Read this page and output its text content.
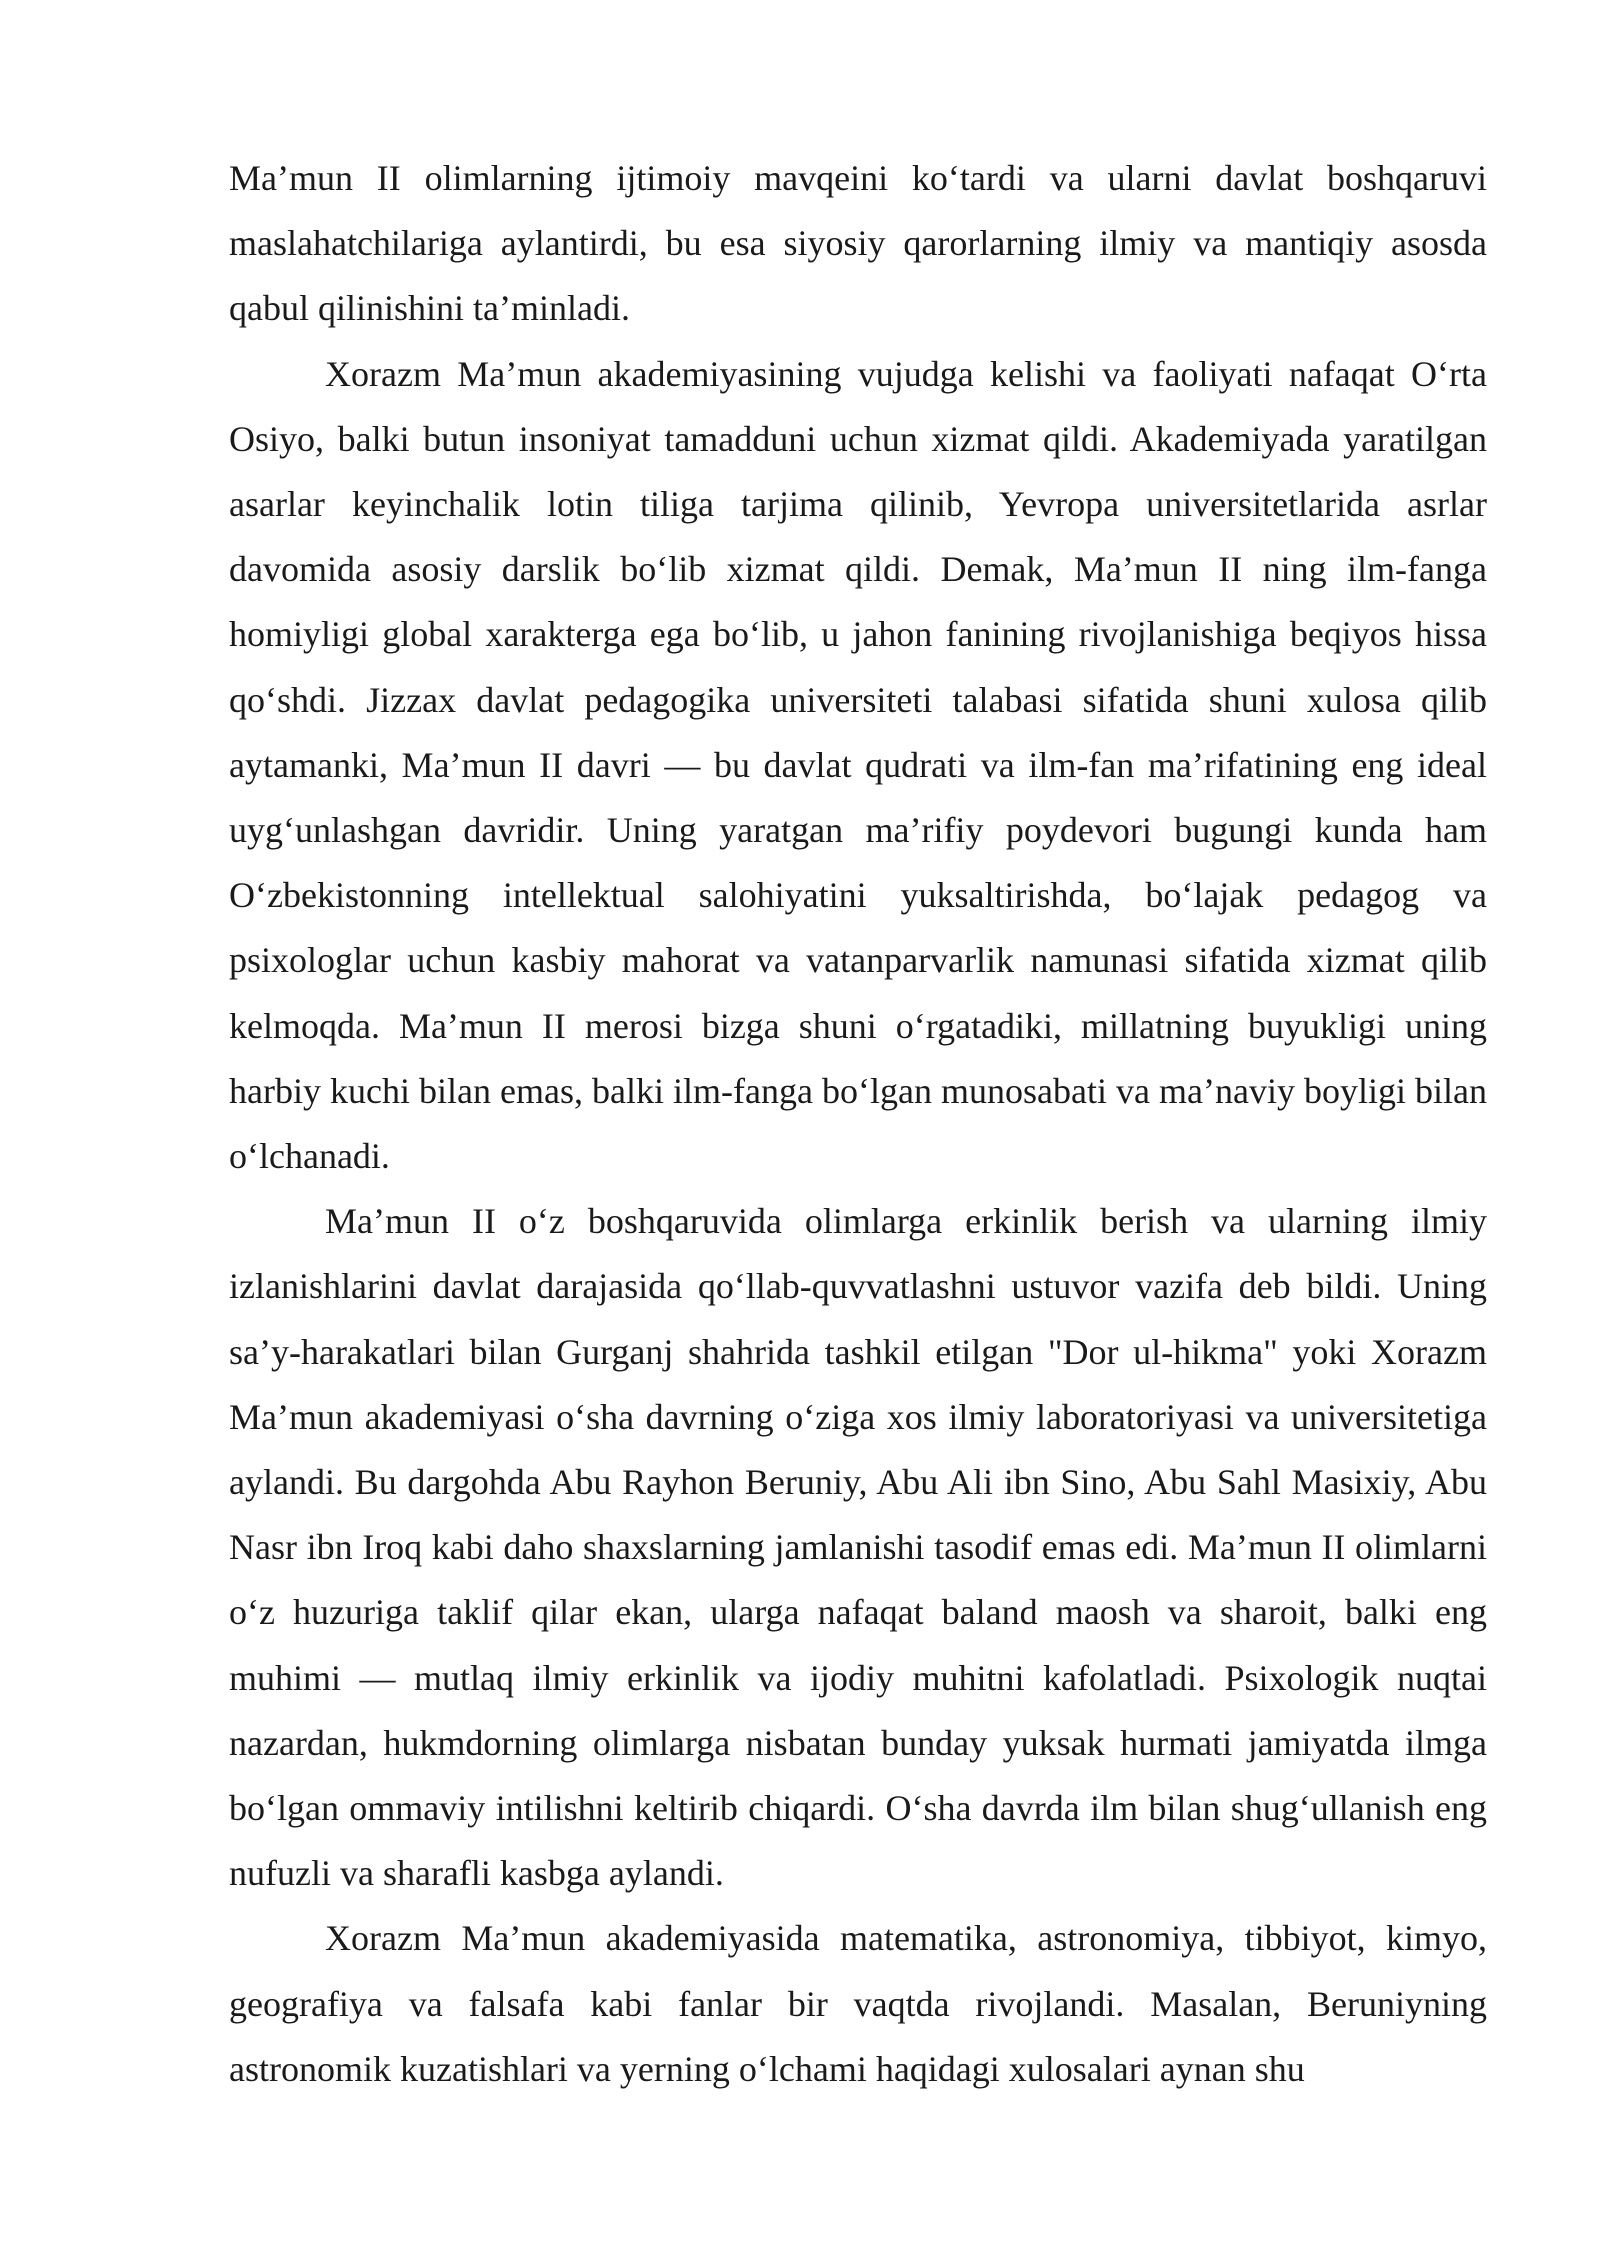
Ma’mun II olimlarning ijtimoiy mavqeini ko‘tardi va ularni davlat boshqaruvi maslahatchilariga aylantirdi, bu esa siyosiy qarorlarning ilmiy va mantiqiy asosda qabul qilinishini ta’minladi.

Xorazm Ma’mun akademiyasining vujudga kelishi va faoliyati nafaqat O‘rta Osiyo, balki butun insoniyat tamadduni uchun xizmat qildi. Akademiyada yaratilgan asarlar keyinchalik lotin tiliga tarjima qilinib, Yevropa universitetlarida asrlar davomida asosiy darslik bo‘lib xizmat qildi. Demak, Ma’mun II ning ilm-fanga homiyligi global xarakterga ega bo‘lib, u jahon fanining rivojlanishiga beqiyos hissa qo‘shdi. Jizzax davlat pedagogika universiteti talabasi sifatida shuni xulosa qilib aytamanki, Ma’mun II davri — bu davlat qudrati va ilm-fan ma’rifatining eng ideal uyg‘unlashgan davridir. Uning yaratgan ma’rifiy poydevori bugungi kunda ham O‘zbekistonning intellektual salohiyatini yuksaltirishda, bo‘lajak pedagog va psixologlar uchun kasbiy mahorat va vatanparvarlik namunasi sifatida xizmat qilib kelmoqda. Ma’mun II merosi bizga shuni o‘rgatadiki, millatning buyukligi uning harbiy kuchi bilan emas, balki ilm-fanga bo‘lgan munosabati va ma’naviy boyligi bilan o‘lchanadi.

Ma’mun II o‘z boshqaruvida olimlarga erkinlik berish va ularning ilmiy izlanishlarini davlat darajasida qo‘llab-quvvatlashni ustuvor vazifa deb bildi. Uning sa’y-harakatlari bilan Gurganj shahrida tashkil etilgan "Dor ul-hikma" yoki Xorazm Ma’mun akademiyasi o‘sha davrning o‘ziga xos ilmiy laboratoriyasi va universitetiga aylandi. Bu dargohda Abu Rayhon Beruniy, Abu Ali ibn Sino, Abu Sahl Masixiy, Abu Nasr ibn Iroq kabi daho shaxslarning jamlanishi tasodif emas edi. Ma’mun II olimlarni o‘z huzuriga taklif qilar ekan, ularga nafaqat baland maosh va sharoit, balki eng muhimi — mutlaq ilmiy erkinlik va ijodiy muhitni kafolatladi. Psixologik nuqtai nazardan, hukmdorning olimlarga nisbatan bunday yuksak hurmati jamiyatda ilmga bo‘lgan ommaviy intilishni keltirib chiqardi. O‘sha davrda ilm bilan shug‘ullanish eng nufuzli va sharafli kasbga aylandi.

Xorazm Ma’mun akademiyasida matematika, astronomiya, tibbiyot, kimyo, geografiya va falsafa kabi fanlar bir vaqtda rivojlandi. Masalan, Beruniyning astronomik kuzatishlari va yerning o‘lchami haqidagi xulosalari aynan shu
